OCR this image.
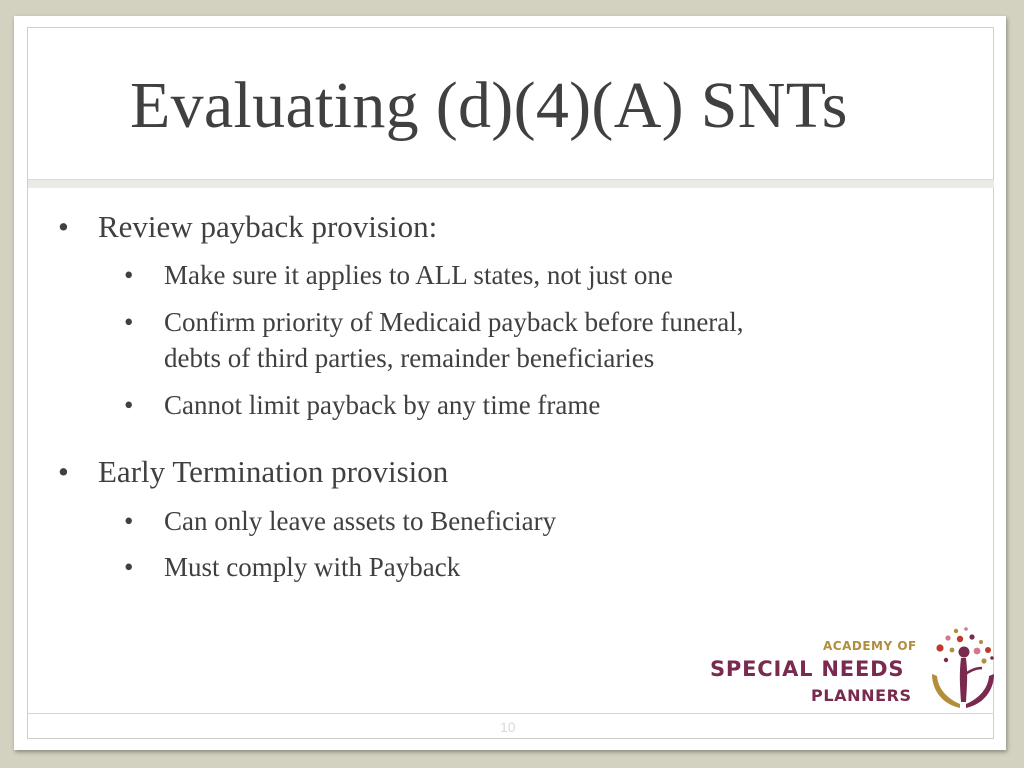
Evaluating (d)(4)(A) SNTs
• Review payback provision:
• Make sure it applies to ALL states, not just one
• Confirm priority of Medicaid payback before funeral,
debts of third parties, remainder beneficiaries
• Cannot limit payback by any time frame
• Early Termination provision
• Can only leave assets to Beneficiary
• Must comply with Payback
ACADEMY OF
SPECIAL NEEDS
PLANNERS
10
